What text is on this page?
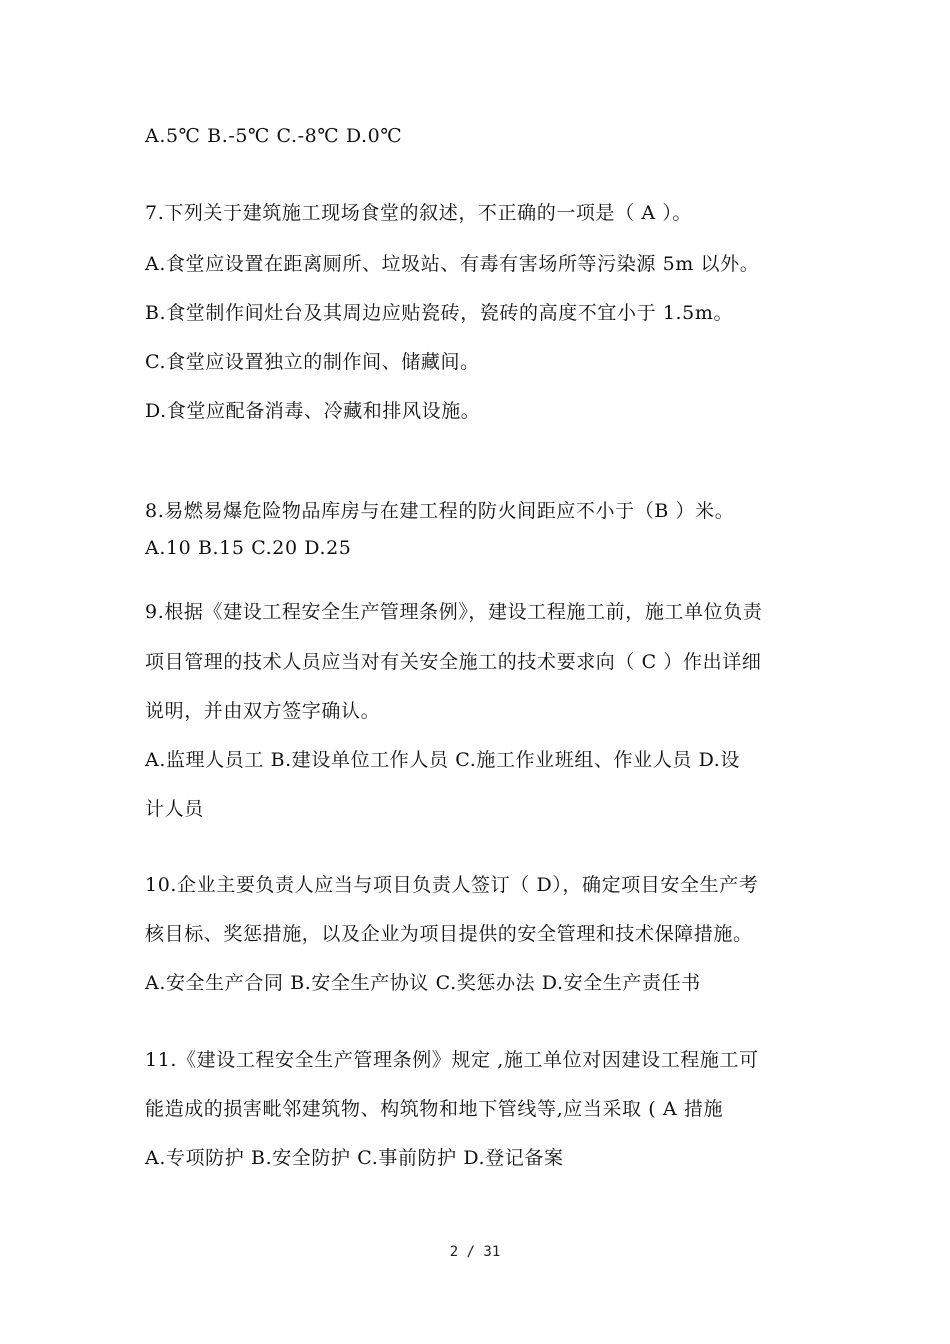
A.5℃ B.-5℃ C.-8℃ D.0℃
7.下列关于建筑施工现场食堂的叙述，不正确的一项是（ A ）。
A.食堂应设置在距离厕所、垃圾站、有毒有害场所等污染源 5m 以外。
B.食堂制作间灶台及其周边应贴瓷砖，瓷砖的高度不宜小于 1.5m。
C.食堂应设置独立的制作间、储藏间。
D.食堂应配备消毒、冷藏和排风设施。
8.易燃易爆危险物品库房与在建工程的防火间距应不小于（B ）米。
A.10 B.15 C.20 D.25
9.根据《建设工程安全生产管理条例》，建设工程施工前，施工单位负责
项目管理的技术人员应当对有关安全施工的技术要求向（ C ）作出详细
说明，并由双方签字确认。
A.监理人员工 B.建设单位工作人员 C.施工作业班组、作业人员 D.设
计人员
10.企业主要负责人应当与项目负责人签订（ D），确定项目安全生产考
核目标、奖惩措施，以及企业为项目提供的安全管理和技术保障措施。
A.安全生产合同 B.安全生产协议 C.奖惩办法 D.安全生产责任书
11.《建设工程安全生产管理条例》规定 ,施工单位对因建设工程施工可
能造成的损害毗邻建筑物、构筑物和地下管线等,应当采取 ( A 措施
A.专项防护 B.安全防护 C.事前防护 D.登记备案
2 / 31
